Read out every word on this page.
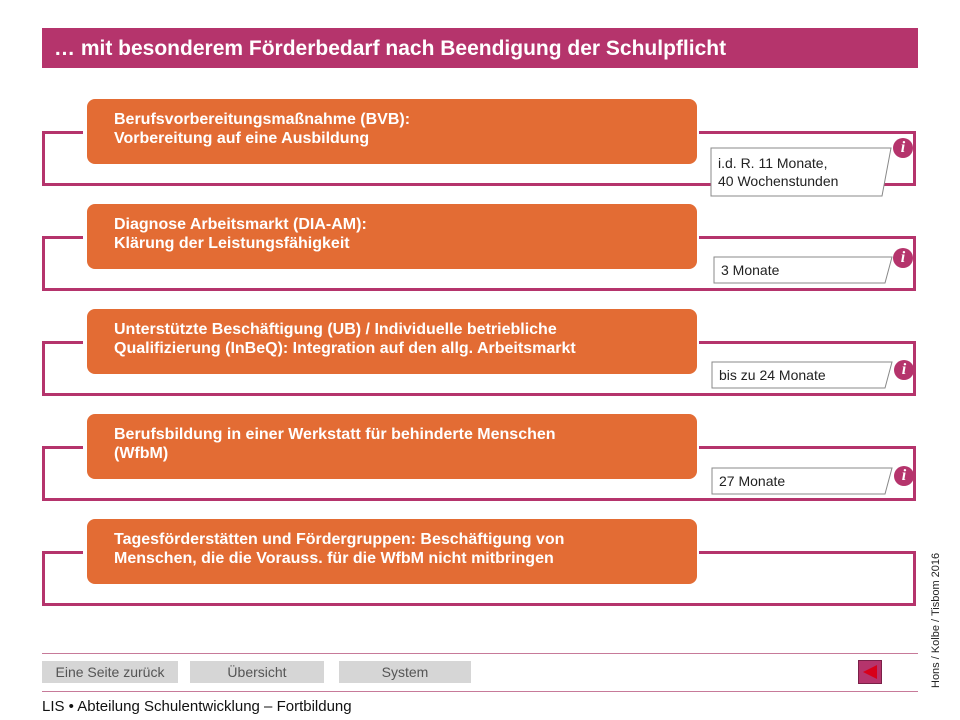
… mit besonderem Förderbedarf nach Beendigung der Schulpflicht
Berufsvorbereitungsmaßnahme (BVB):
Vorbereitung auf eine Ausbildung
i.d. R. 11 Monate,
40 Wochenstunden
i
Diagnose Arbeitsmarkt (DIA-AM):
Klärung der Leistungsfähigkeit
3 Monate
i
Unterstützte Beschäftigung (UB) / Individuelle betriebliche
Qualifizierung (InBeQ): Integration auf den allg. Arbeitsmarkt
bis zu 24 Monate	i
Berufsbildung in einer Werkstatt für behinderte Menschen
(WfbM)
27 Monate	i
Tagesförderstätten und Fördergruppen: Beschäftigung von
Menschen, die die Vorauss. für die WfbM nicht mitbringen	Hons / Kolbe / Tisbom 2016
Eine Seite zurück	Übersicht	System
LIS • Abteilung Schulentwicklung – Fortbildung
